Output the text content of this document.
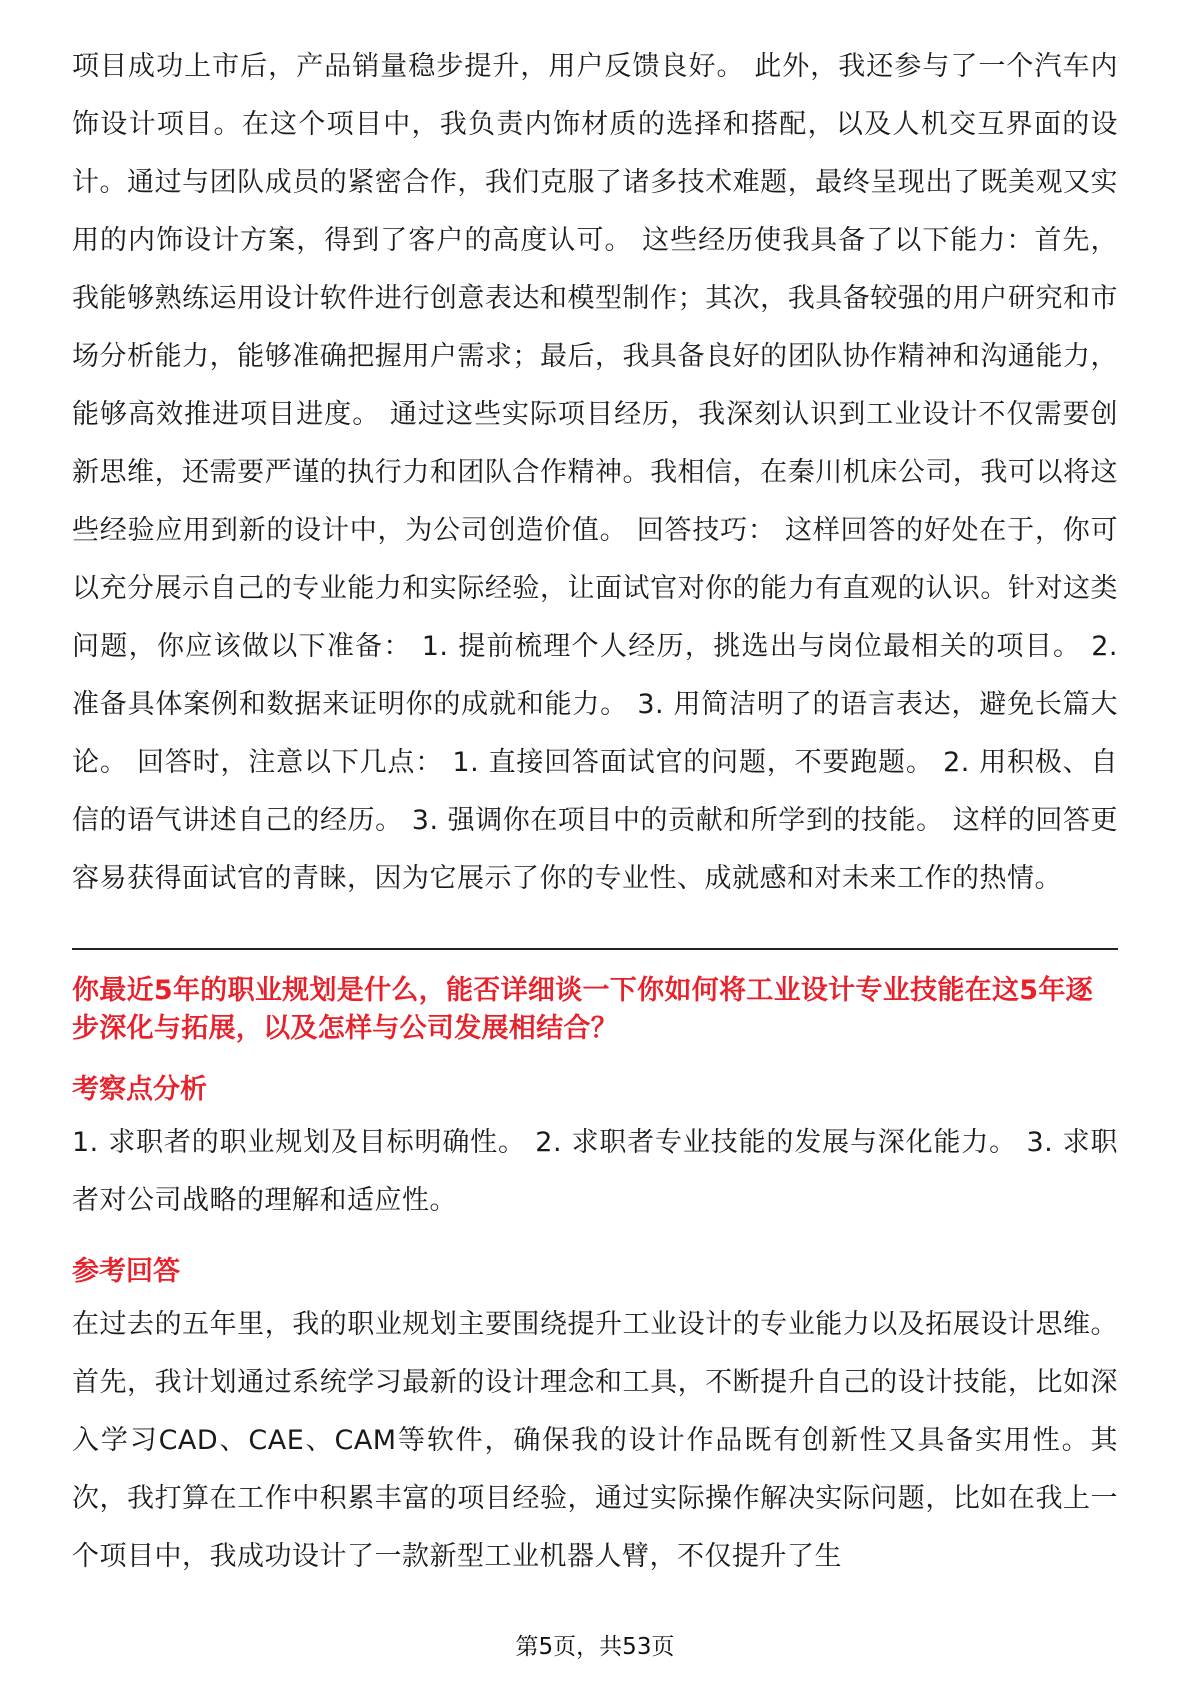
项目成功上市后，产品销量稳步提升，用户反馈良好。 此外，我还参与了一个汽车内饰设计项目。在这个项目中，我负责内饰材质的选择和搭配，以及人机交互界面的设计。通过与团队成员的紧密合作，我们克服了诸多技术难题，最终呈现出了既美观又实用的内饰设计方案，得到了客户的高度认可。 这些经历使我具备了以下能力：首先，我能够熟练运用设计软件进行创意表达和模型制作；其次，我具备较强的用户研究和市场分析能力，能够准确把握用户需求；最后，我具备良好的团队协作精神和沟通能力，能够高效推进项目进度。 通过这些实际项目经历，我深刻认识到工业设计不仅需要创新思维，还需要严谨的执行力和团队合作精神。我相信，在秦川机床公司，我可以将这些经验应用到新的设计中，为公司创造价值。 回答技巧： 这样回答的好处在于，你可以充分展示自己的专业能力和实际经验，让面试官对你的能力有直观的认识。针对这类问题，你应该做以下准备： 1. 提前梳理个人经历，挑选出与岗位最相关的项目。 2. 准备具体案例和数据来证明你的成就和能力。 3. 用简洁明了的语言表达，避免长篇大论。 回答时，注意以下几点： 1. 直接回答面试官的问题，不要跑题。 2. 用积极、自信的语气讲述自己的经历。 3. 强调你在项目中的贡献和所学到的技能。 这样的回答更容易获得面试官的青睐，因为它展示了你的专业性、成就感和对未来工作的热情。

你最近5年的职业规划是什么，能否详细谈一下你如何将工业设计专业技能在这5年逐步深化与拓展，以及怎样与公司发展相结合？

考察点分析

1. 求职者的职业规划及目标明确性。 2. 求职者专业技能的发展与深化能力。 3. 求职者对公司战略的理解和适应性。

参考回答

在过去的五年里，我的职业规划主要围绕提升工业设计的专业能力以及拓展设计思维。首先，我计划通过系统学习最新的设计理念和工具，不断提升自己的设计技能，比如深入学习CAD、CAE、CAM等软件，确保我的设计作品既有创新性又具备实用性。其次，我打算在工作中积累丰富的项目经验，通过实际操作解决实际问题，比如在我上一个项目中，我成功设计了一款新型工业机器人臂，不仅提升了生

第5页，共53页
